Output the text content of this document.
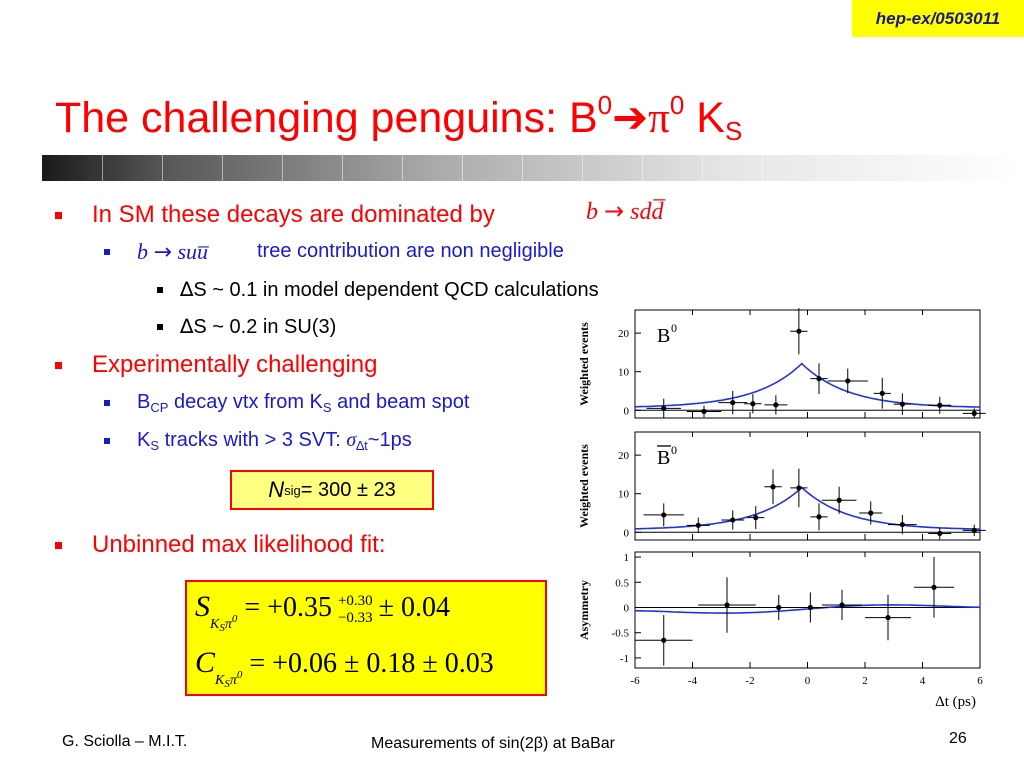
hep-ex/0503011
The challenging penguins: $B^0➔\pi^0$ $K_S$
In SM these decays are dominated by	b → sdd̅
b → suu̅ tree contribution are non negligible
∆S ~ 0.1 in model dependent QCD calculations
∆S ~ 0.2 in SU(3)
Experimentally challenging
$B_{CP}$ decay vtx from $K_S$ and beam spot
$K_S$ tracks with > 3 SVT: $\sigma_{\Delta t}\sim 1ps$
N sig = 300 ± 23
Unbinned max likelihood fit:
$S_{K_S\pi^0} = +0.35 +0.30$
−0.33 ± 0.04
$C_{K_S\pi^0} = +0.06 \pm 0.18 \pm 0.03$
0
10
20
Weighted events	B 0
0
10
20
Weighted events	B 0
1
0.5
0
-0.5
-1
Asymmetry
-6	-4	-2	0	2	4	6
Δt (ps)
G. Sciolla – M.I.T.	Measurements of sin(2β) at BaBar	26
